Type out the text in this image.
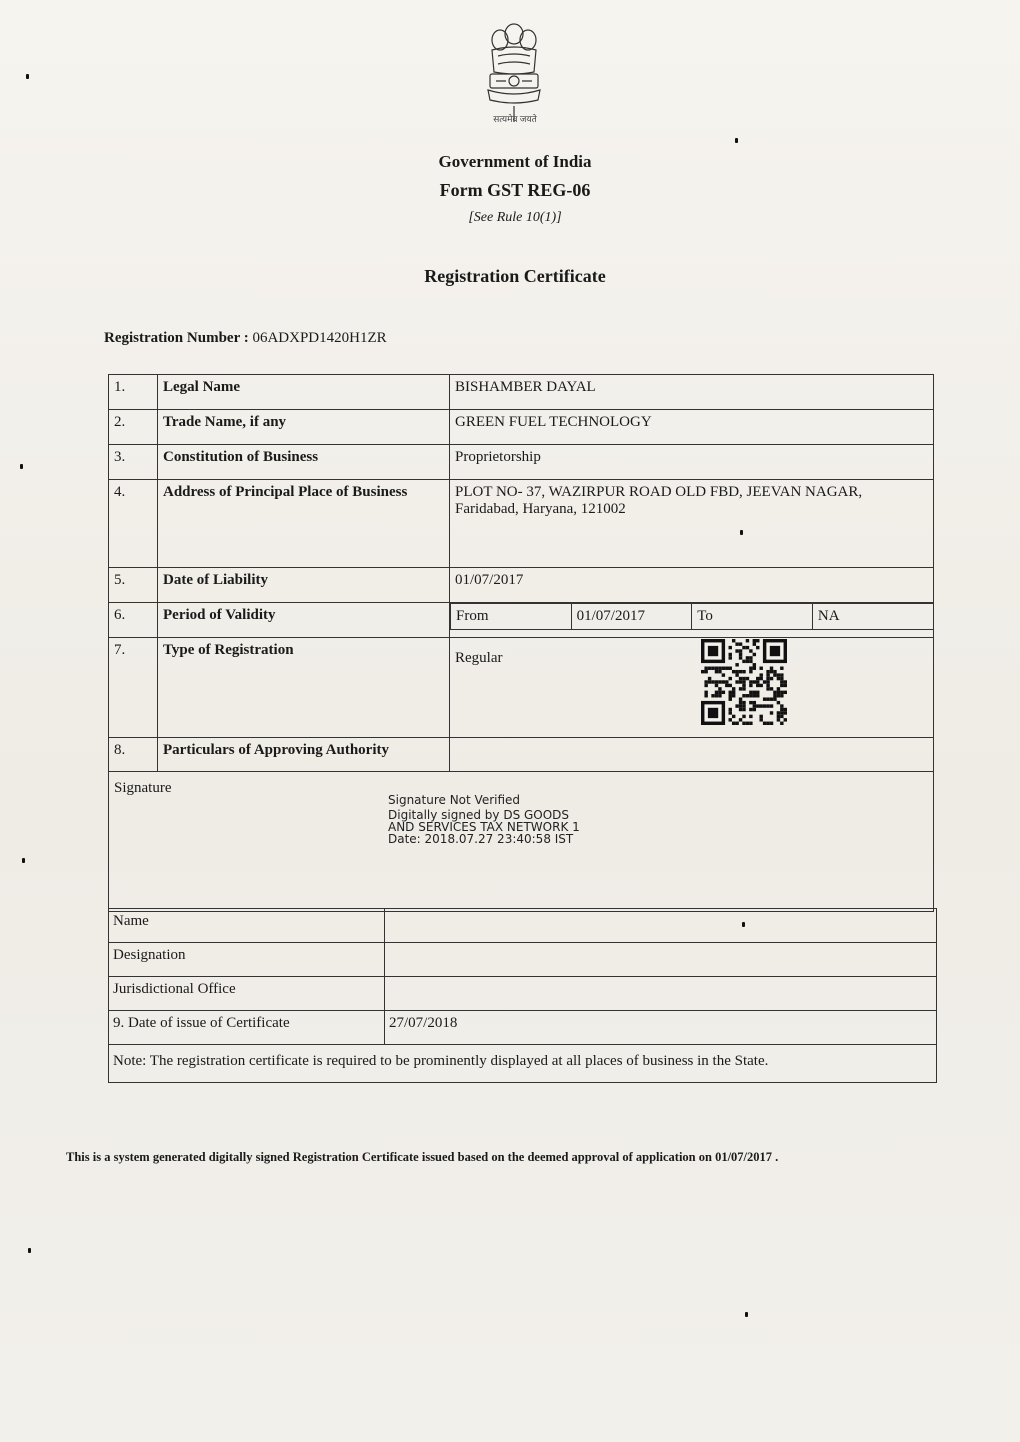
सत्यमेव जयते
Government of India
Form GST REG-06
[See Rule 10(1)]
Registration Certificate
Registration Number : 06ADXPD1420H1ZR
1.	Legal Name	BISHAMBER DAYAL
2.	Trade Name, if any	GREEN FUEL TECHNOLOGY
3.	Constitution of Business	Proprietorship
4.	Address of Principal Place of Business	PLOT NO- 37, WAZIRPUR ROAD OLD FBD, JEEVAN NAGAR, Faridabad, Haryana, 121002
5.	Date of Liability	01/07/2017
6.	Period of Validity		From	01/07/2017	To	NA

7.	Type of Registration	Regular
8.	Particulars of Approving Authority	
Signature
Signature Not Verified
Digitally signed by DS GOODS
AND SERVICES TAX NETWORK 1
Date: 2018.07.27 23:40:58 IST
Name	
Designation	
Jurisdictional Office	
9. Date of issue of Certificate	27/07/2018
Note: The registration certificate is required to be prominently displayed at all places of business in the State.	
This is a system generated digitally signed Registration Certificate issued based on the deemed approval of application on 01/07/2017 .
